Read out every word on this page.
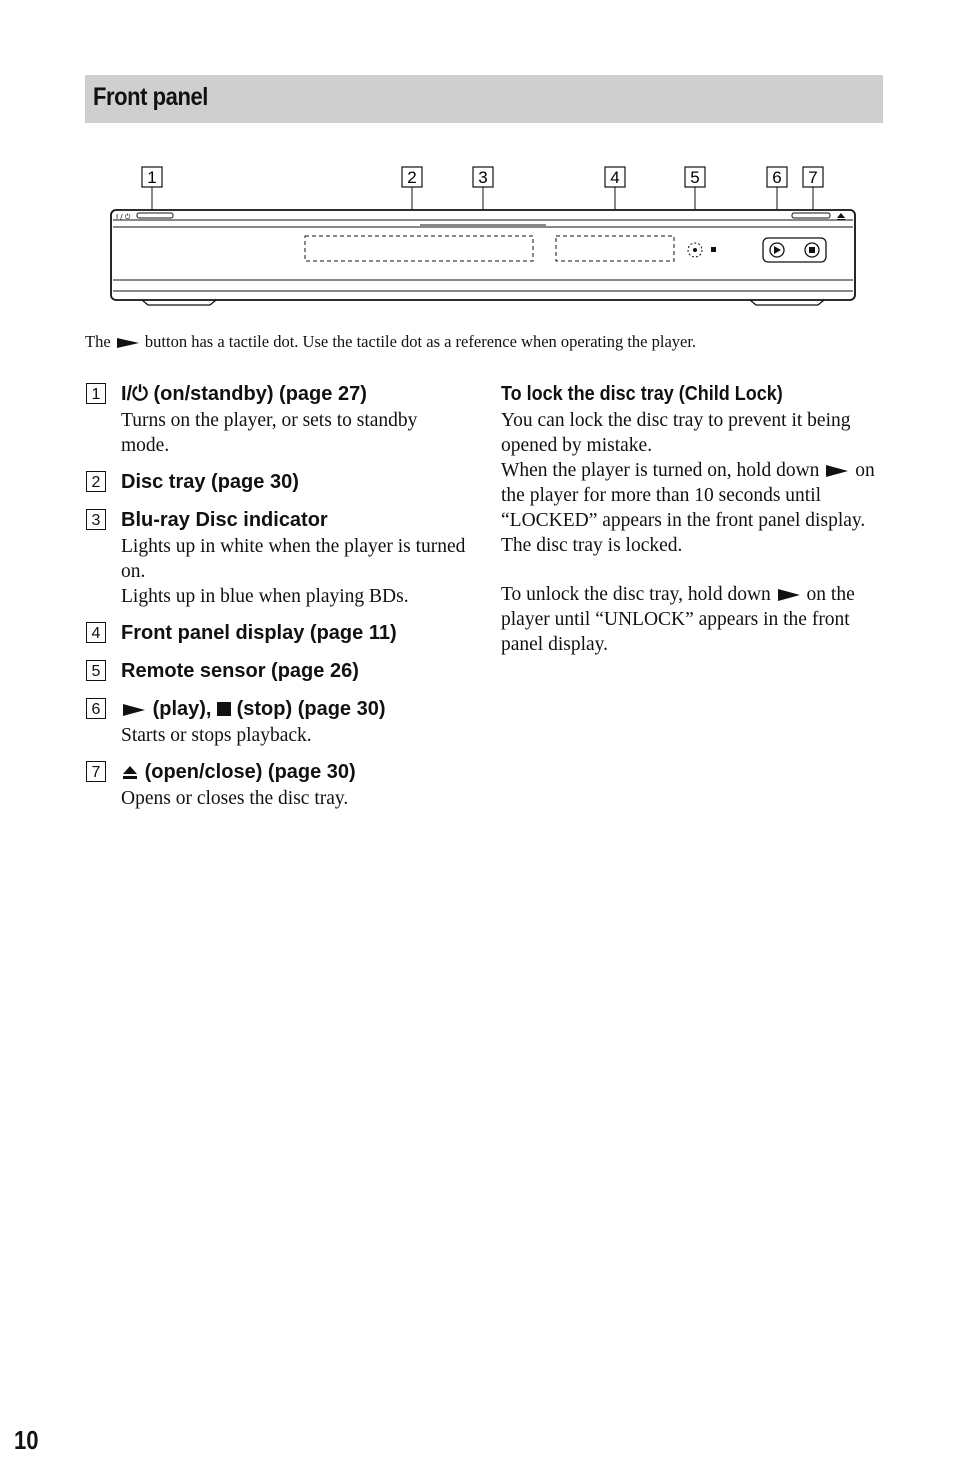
Front panel
1	2	3	4	5	6 7
I / ⏻
The button has a tactile dot. Use the tactile dot as a reference when operating the player.
1 I/⏻ (on/standby) (page 27)
Turns on the player, or sets to standby mode.
2 Disc tray (page 30)
3 Blu-ray Disc indicator
Lights up in white when the player is turned on.
Lights up in blue when playing BDs.
4 Front panel display (page 11)
5 Remote sensor (page 26)
6	(play), (stop) (page 30)
Starts or stops playback.
7	(open/close) (page 30)
Opens or closes the disc tray.
To lock the disc tray (Child Lock)

You can lock the disc tray to prevent it being opened by mistake.

When the player is turned on, hold down on the player for more than 10 seconds until “LOCKED” appears in the front panel display. The disc tray is locked.

To unlock the disc tray, hold down on the player until “UNLOCK” appears in the front panel display.

10
